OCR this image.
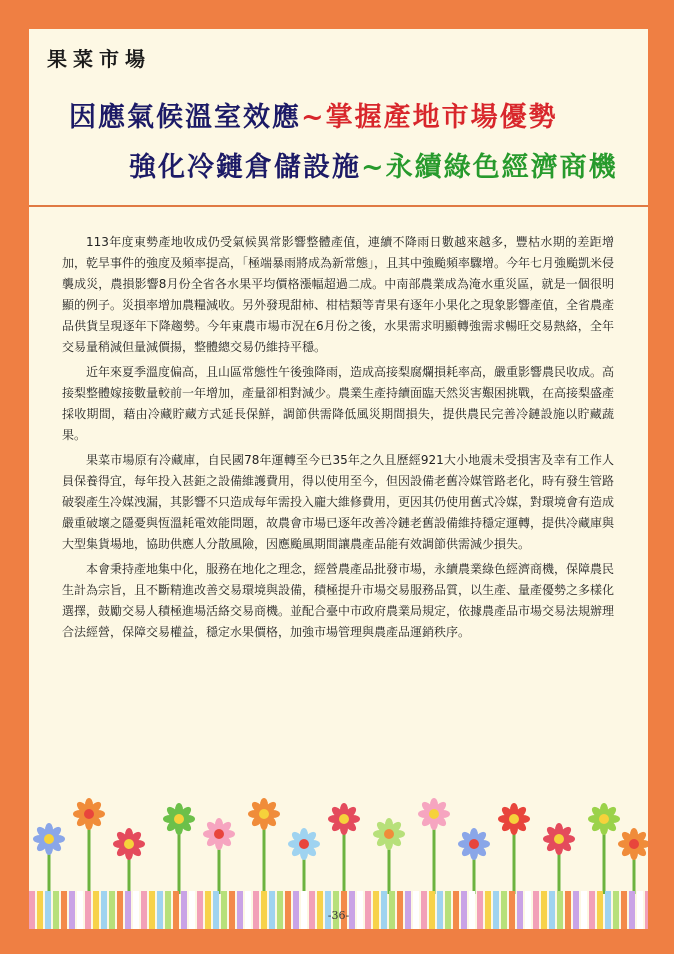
果菜市場
因應氣候溫室效應~掌握產地市場優勢
強化冷鏈倉儲設施~永續綠色經濟商機

113年度東勢產地收成仍受氣候異常影響整體產值，連續不降雨日數越來越多，豐枯水期的差距增加，乾旱事件的強度及頻率提高，「極端暴雨將成為新常態」，且其中強颱頻率驟增。今年七月強颱凱米侵襲成災，農損影響8月份全省各水果平均價格漲幅超過二成。中南部農業成為淹水重災區，就是一個很明顯的例子。災損率增加農糧減收。另外發現甜柿、柑桔類等青果有逐年小果化之現象影響產值，全省農產品供貨呈現逐年下降趨勢。今年東農市場市況在6月份之後，水果需求明顯轉強需求暢旺交易熱絡，全年交易量稍減但量減價揚，整體總交易仍維持平穩。

近年來夏季溫度偏高，且山區常態性午後強降雨，造成高接梨腐爛損耗率高，嚴重影響農民收成。高接梨整體嫁接數量較前一年增加，產量卻相對減少。農業生產持續面臨天然災害艱困挑戰，在高接梨盛產採收期間，藉由冷藏貯藏方式延長保鮮，調節供需降低風災期間損失，提供農民完善冷鏈設施以貯藏蔬果。

果菜市場原有冷藏庫，自民國78年運轉至今已35年之久且歷經921大小地震未受損害及幸有工作人員保養得宜，每年投入甚鉅之設備維護費用，得以使用至今，但因設備老舊冷媒管路老化，時有發生管路破裂產生冷媒洩漏，其影響不只造成每年需投入龐大維修費用，更因其仍使用舊式冷媒，對環境會有造成嚴重破壞之隱憂與恆溫耗電效能問題，故農會市場已逐年改善冷鏈老舊設備維持穩定運轉，提供冷藏庫與大型集貨場地，協助供應人分散風險，因應颱風期間讓農產品能有效調節供需減少損失。

本會秉持產地集中化，服務在地化之理念，經營農產品批發市場，永續農業綠色經濟商機，保障農民生計為宗旨，且不斷精進改善交易環境與設備，積極提升市場交易服務品質，以生產、量產優勢之多樣化選擇，鼓勵交易人積極進場活絡交易商機。並配合臺中市政府農業局規定，依據農產品市場交易法規辦理合法經營，保障交易權益，穩定水果價格，加強市場管理與農產品運銷秩序。

-36-
